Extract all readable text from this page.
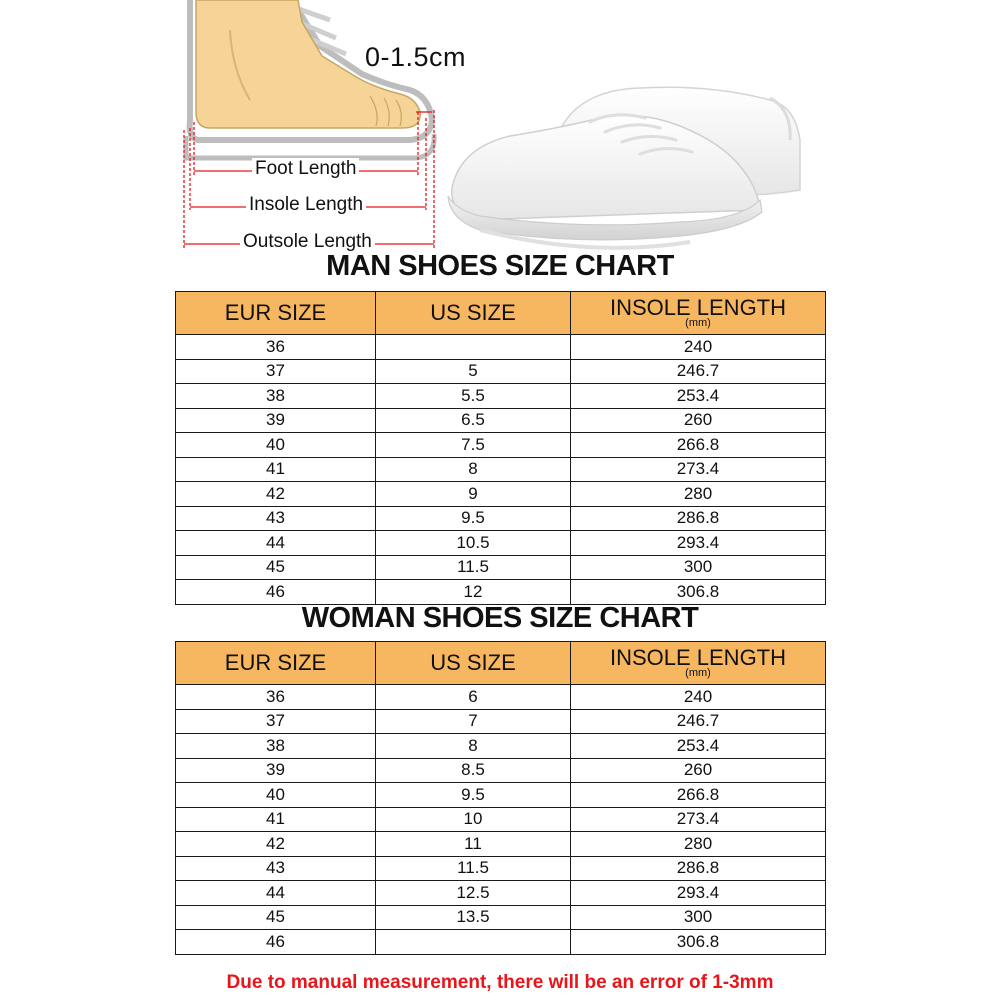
0-1.5cm
Foot Length
Insole Length
Outsole Length
MAN SHOES SIZE CHART
EUR SIZE	US SIZE	INSOLE LENGTH
(mm)

36		240
37	5	246.7
38	5.5	253.4
39	6.5	260
40	7.5	266.8
41	8	273.4
42	9	280
43	9.5	286.8
44	10.5	293.4
45	11.5	300
46	12	306.8
WOMAN SHOES SIZE CHART
EUR SIZE	US SIZE	INSOLE LENGTH
(mm)

36	6	240
37	7	246.7
38	8	253.4
39	8.5	260
40	9.5	266.8
41	10	273.4
42	11	280
43	11.5	286.8
44	12.5	293.4
45	13.5	300
46		306.8
Due to manual measurement, there will be an error of 1-3mm
